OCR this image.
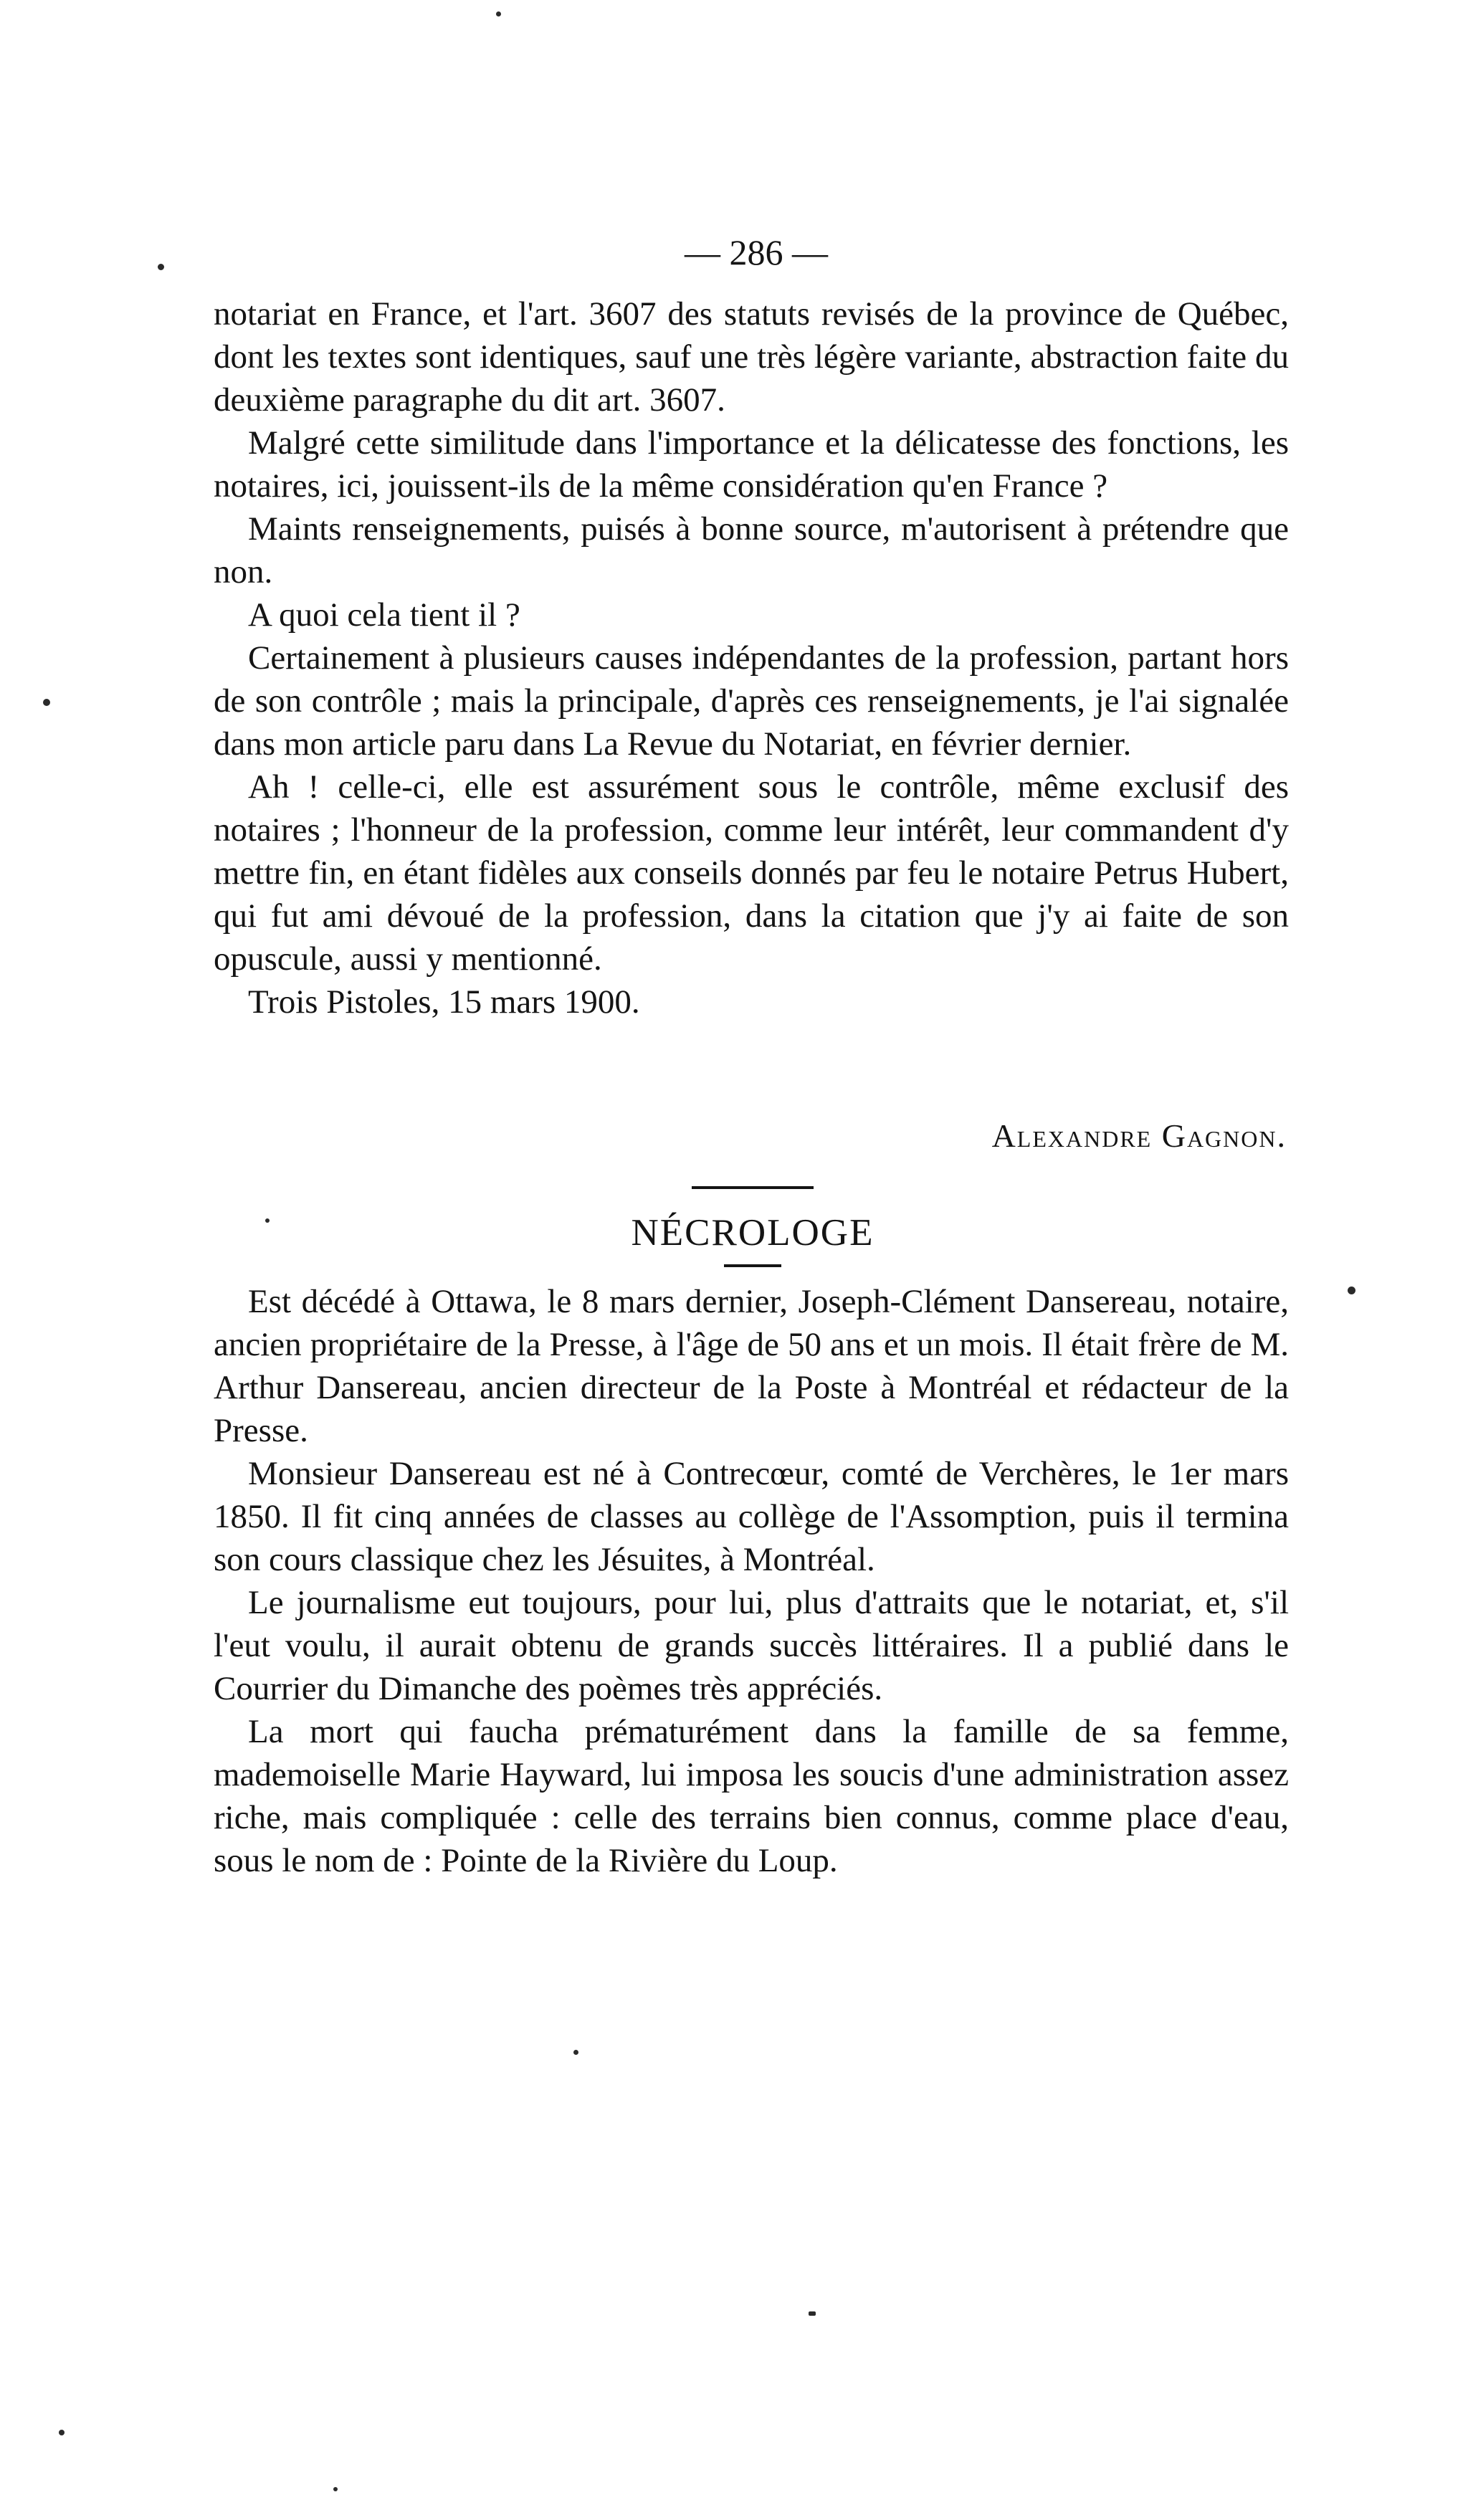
— 286 —

notariat en France, et l'art. 3607 des statuts revisés de la province de Québec, dont les textes sont identiques, sauf une très légère variante, abstraction faite du deuxième paragraphe du dit art. 3607.

Malgré cette similitude dans l'importance et la délicatesse des fonctions, les notaires, ici, jouissent-ils de la même considération qu'en France ?

Maints renseignements, puisés à bonne source, m'autorisent à prétendre que non.

A quoi cela tient il ?

Certainement à plusieurs causes indépendantes de la profession, partant hors de son contrôle ; mais la principale, d'après ces renseignements, je l'ai signalée dans mon article paru dans La Revue du Notariat, en février dernier.

Ah ! celle-ci, elle est assurément sous le contrôle, même exclusif des notaires ; l'honneur de la profession, comme leur intérêt, leur commandent d'y mettre fin, en étant fidèles aux conseils donnés par feu le notaire Petrus Hubert, qui fut ami dévoué de la profession, dans la citation que j'y ai faite de son opuscule, aussi y mentionné.

Trois Pistoles, 15 mars 1900.

Alexandre Gagnon.
NÉCROLOGE

Est décédé à Ottawa, le 8 mars dernier, Joseph-Clément Dansereau, notaire, ancien propriétaire de la Presse, à l'âge de 50 ans et un mois. Il était frère de M. Arthur Dansereau, ancien directeur de la Poste à Montréal et rédacteur de la Presse.

Monsieur Dansereau est né à Contrecœur, comté de Verchères, le 1er mars 1850. Il fit cinq années de classes au collège de l'Assomption, puis il termina son cours classique chez les Jésuites, à Montréal.

Le journalisme eut toujours, pour lui, plus d'attraits que le notariat, et, s'il l'eut voulu, il aurait obtenu de grands succès littéraires. Il a publié dans le Courrier du Dimanche des poèmes très appréciés.

La mort qui faucha prématurément dans la famille de sa femme, mademoiselle Marie Hayward, lui imposa les soucis d'une administration assez riche, mais compliquée : celle des terrains bien connus, comme place d'eau, sous le nom de : Pointe de la Rivière du Loup.
